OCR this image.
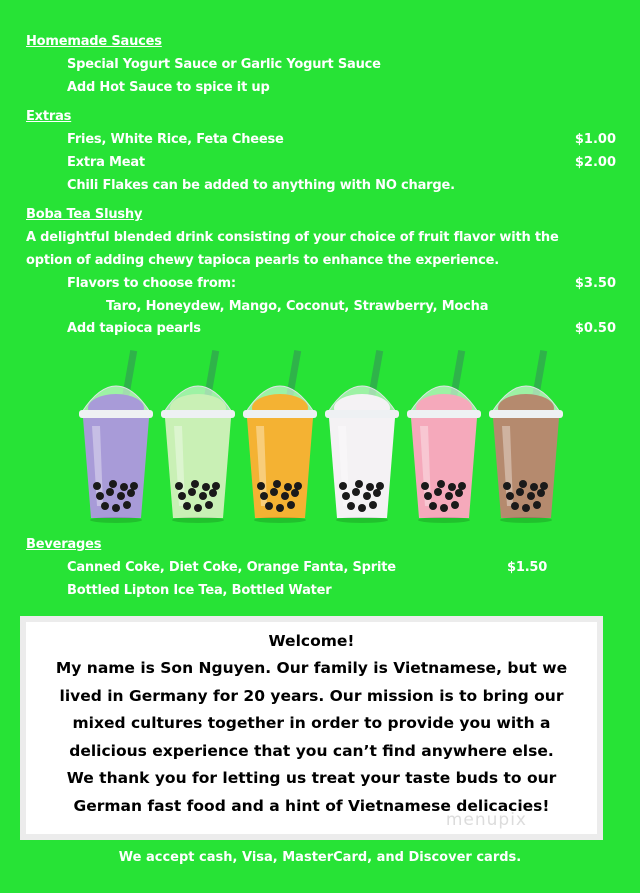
Homemade Sauces
Special Yogurt Sauce or Garlic Yogurt Sauce
Add Hot Sauce to spice it up
Extras
Fries, White Rice, Feta Cheese	$1.00
Extra Meat	$2.00
Chili Flakes can be added to anything with NO charge.
Boba Tea Slushy
A delightful blended drink consisting of your choice of fruit flavor with the
option of adding chewy tapioca pearls to enhance the experience.
Flavors to choose from:	$3.50
Taro, Honeydew, Mango, Coconut, Strawberry, Mocha
Add tapioca pearls	$0.50
Beverages
Canned Coke, Diet Coke, Orange Fanta, Sprite	$1.50
Bottled Lipton Ice Tea, Bottled Water
Welcome!
My name is Son Nguyen. Our family is Vietnamese, but we
lived in Germany for 20 years. Our mission is to bring our
mixed cultures together in order to provide you with a
delicious experience that you can’t find anywhere else.
We thank you for letting us treat your taste buds to our
German fast food and a hint of Vietnamese delicacies!
menupix
We accept cash, Visa, MasterCard, and Discover cards.
